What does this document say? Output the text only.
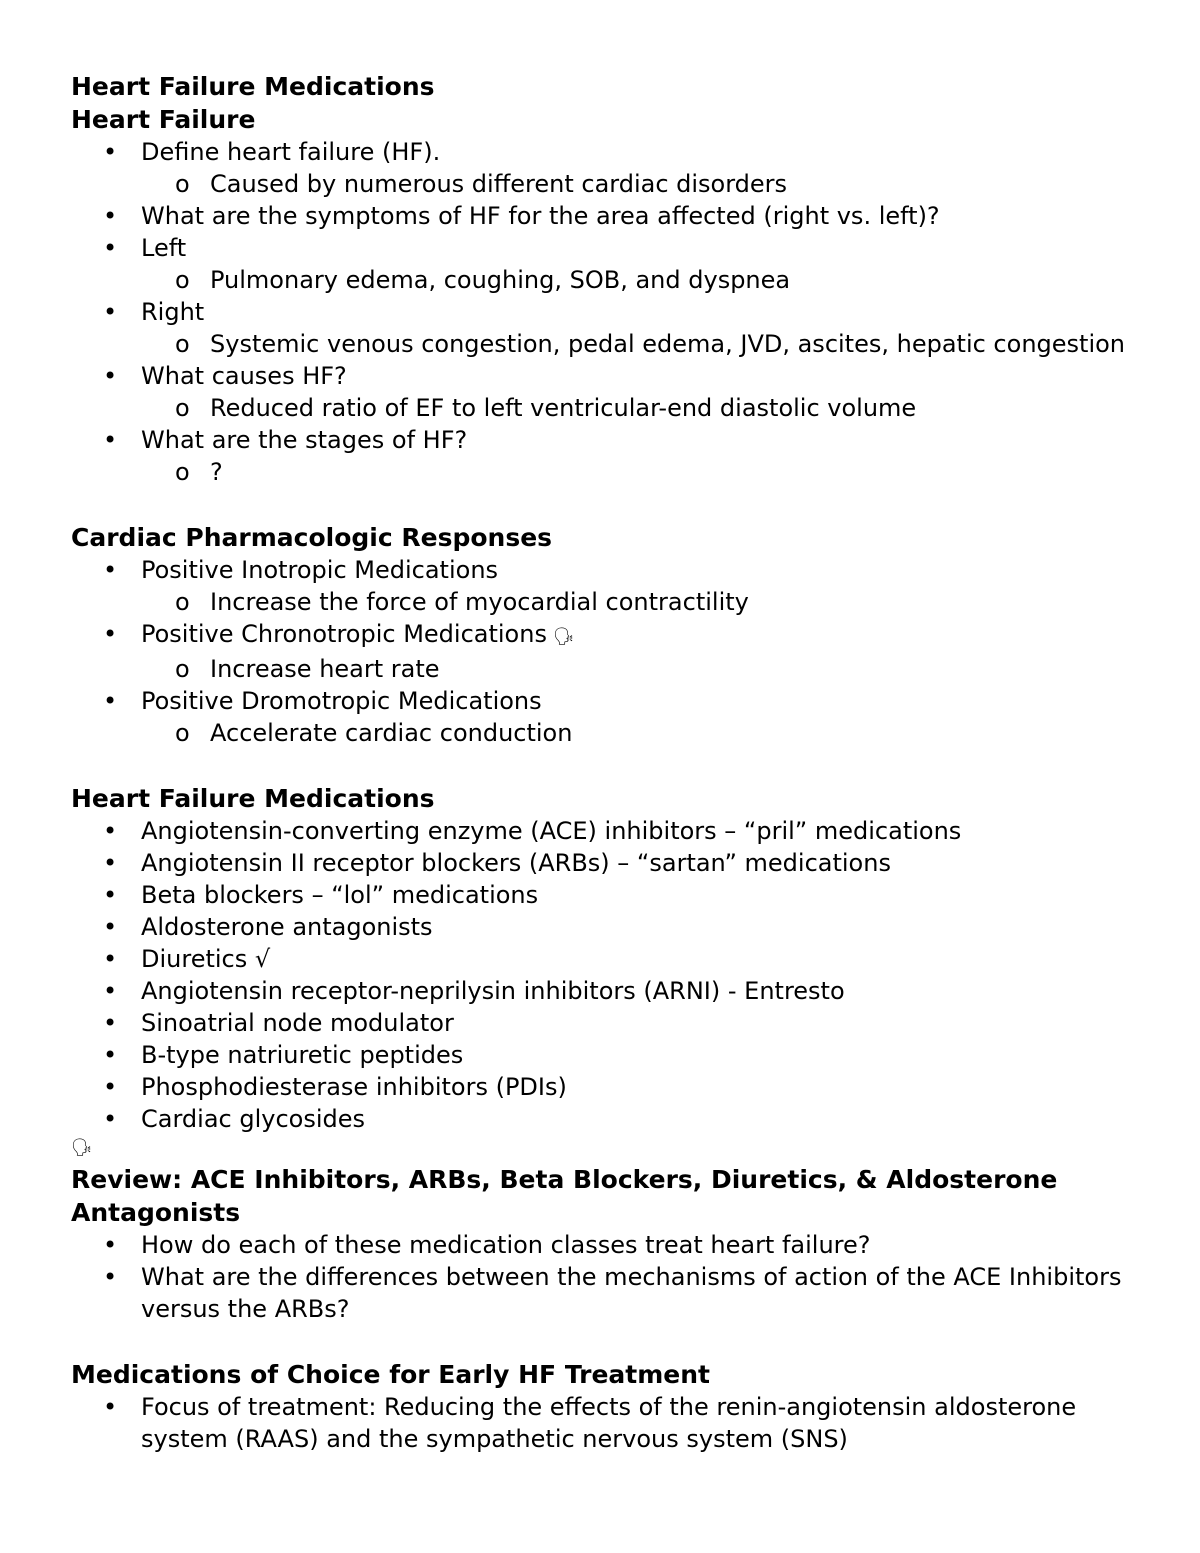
Heart Failure Medications
Heart Failure
• Define heart failure (HF).
o Caused by numerous different cardiac disorders
• What are the symptoms of HF for the area affected (right vs. left)?
• Left
o Pulmonary edema, coughing, SOB, and dyspnea
• Right
o Systemic venous congestion, pedal edema, JVD, ascites, hepatic congestion
• What causes HF?
o Reduced ratio of EF to left ventricular-end diastolic volume
• What are the stages of HF?
o ?
Cardiac Pharmacologic Responses
• Positive Inotropic Medications
o Increase the force of myocardial contractility
• Positive Chronotropic Medications 🗣
o Increase heart rate
• Positive Dromotropic Medications
o Accelerate cardiac conduction
Heart Failure Medications
• Angiotensin-converting enzyme (ACE) inhibitors – “pril” medications
• Angiotensin II receptor blockers (ARBs) – “sartan” medications
• Beta blockers – “lol” medications
• Aldosterone antagonists
• Diuretics √
• Angiotensin receptor-neprilysin inhibitors (ARNI) - Entresto
• Sinoatrial node modulator
• B-type natriuretic peptides
• Phosphodiesterase inhibitors (PDIs)
• Cardiac glycosides
🗣
Review: ACE Inhibitors, ARBs, Beta Blockers, Diuretics, & Aldosterone Antagonists
• How do each of these medication classes treat heart failure?
• What are the differences between the mechanisms of action of the ACE Inhibitors versus the ARBs?
Medications of Choice for Early HF Treatment
• Focus of treatment: Reducing the effects of the renin-angiotensin aldosterone system (RAAS) and the sympathetic nervous system (SNS)
